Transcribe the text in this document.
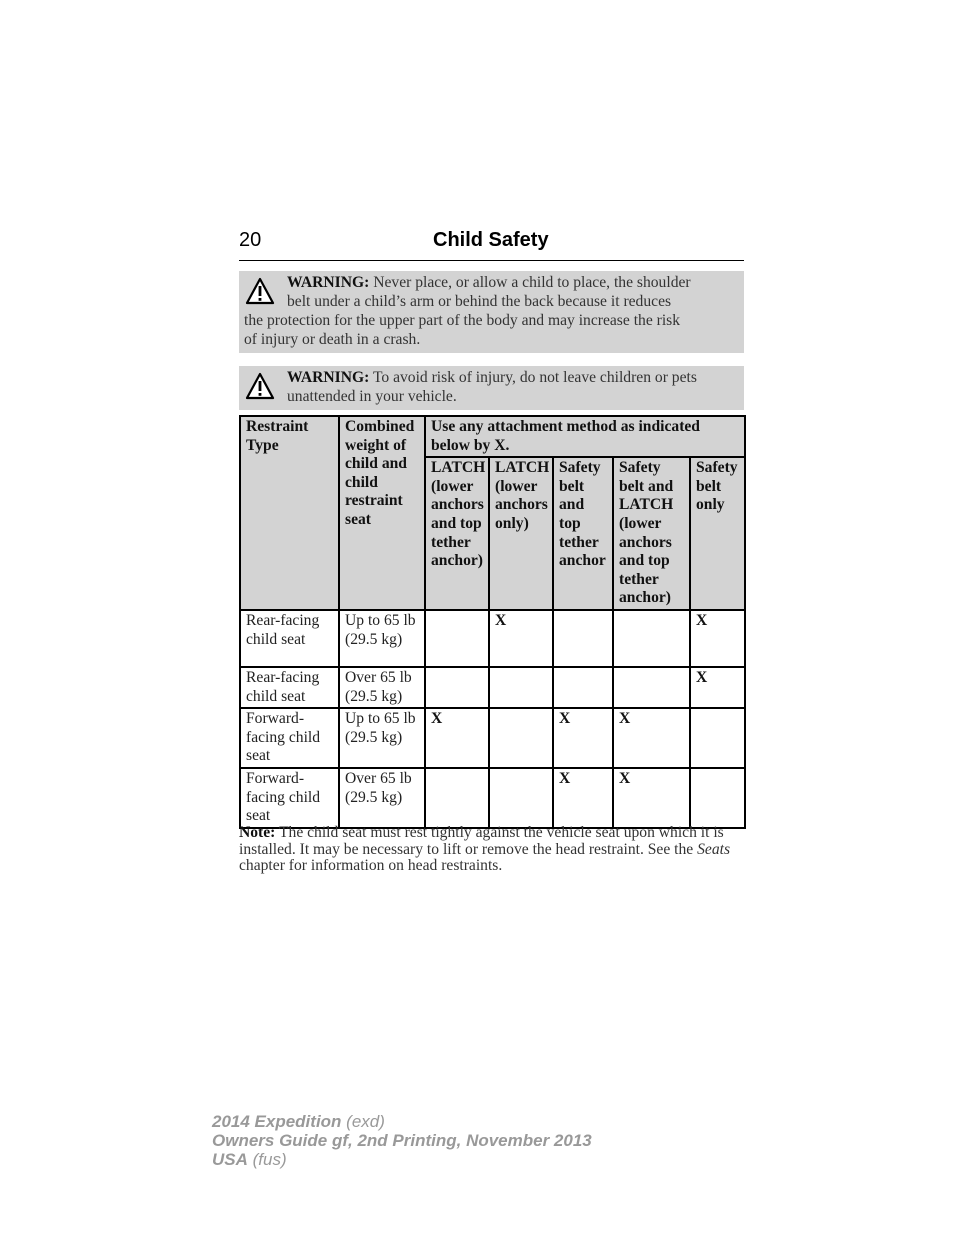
20	Child Safety
WARNING: Never place, or allow a child to place, the shoulder
belt under a child’s arm or behind the back because it reduces
the protection for the upper part of the body and may increase the risk
of injury or death in a crash.
WARNING: To avoid risk of injury, do not leave children or pets
unattended in your vehicle.
Restraint Type	Combined weight of child and child restraint seat	Use any attachment method as indicated
below by X.				

		LATCH (lower anchors and top tether anchor)	LATCH (lower anchors only)	Safety belt and top tether anchor	Safety belt and LATCH (lower anchors and top tether anchor)	Safety belt only
Rear-facing child seat	Up to 65 lb (29.5 kg)		X			X
Rear-facing child seat	Over 65 lb (29.5 kg)					X
Forward-facing child seat	Up to 65 lb (29.5 kg)	X		X	X	
Forward-facing child seat	Over 65 lb (29.5 kg)			X	X	
Note: The child seat must rest tightly against the vehicle seat upon which it is installed. It may be necessary to lift or remove the head restraint. See the Seats chapter for information on head restraints.
2014 Expedition (exd)
Owners Guide gf, 2nd Printing, November 2013
USA (fus)
